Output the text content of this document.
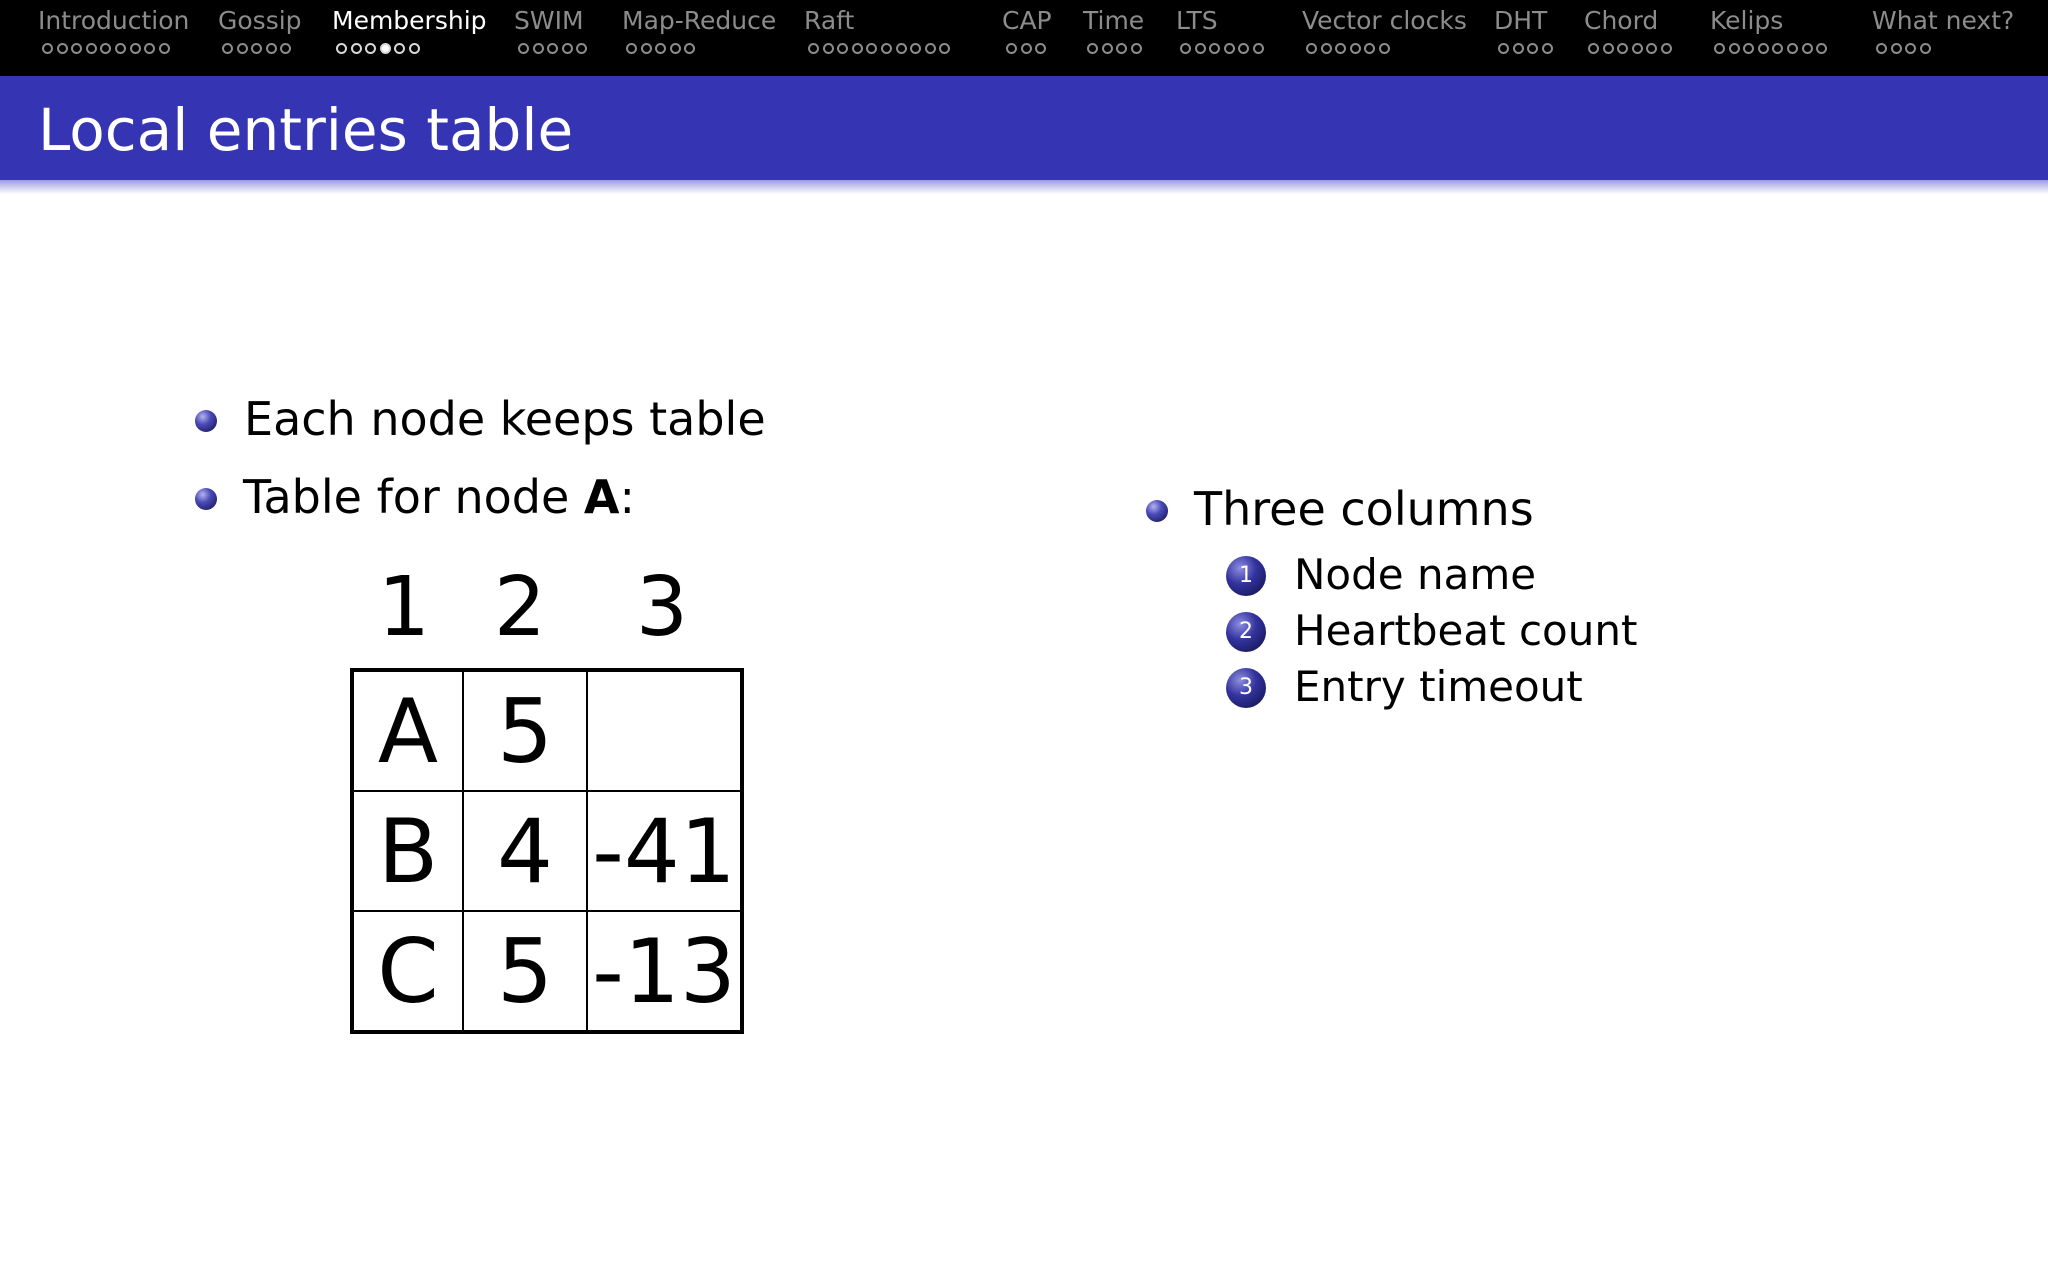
Introduction Gossip Membership SWIM Map-Reduce Raft	CAP Time LTS	Vector clocks DHT Chord Kelips	What next?
Local entries table
Each node keeps table
Table for node A:
1 2 3
A	5	
B	4	-41
C	5	-13
Three columns
1 Node name
2 Heartbeat count
3 Entry timeout
